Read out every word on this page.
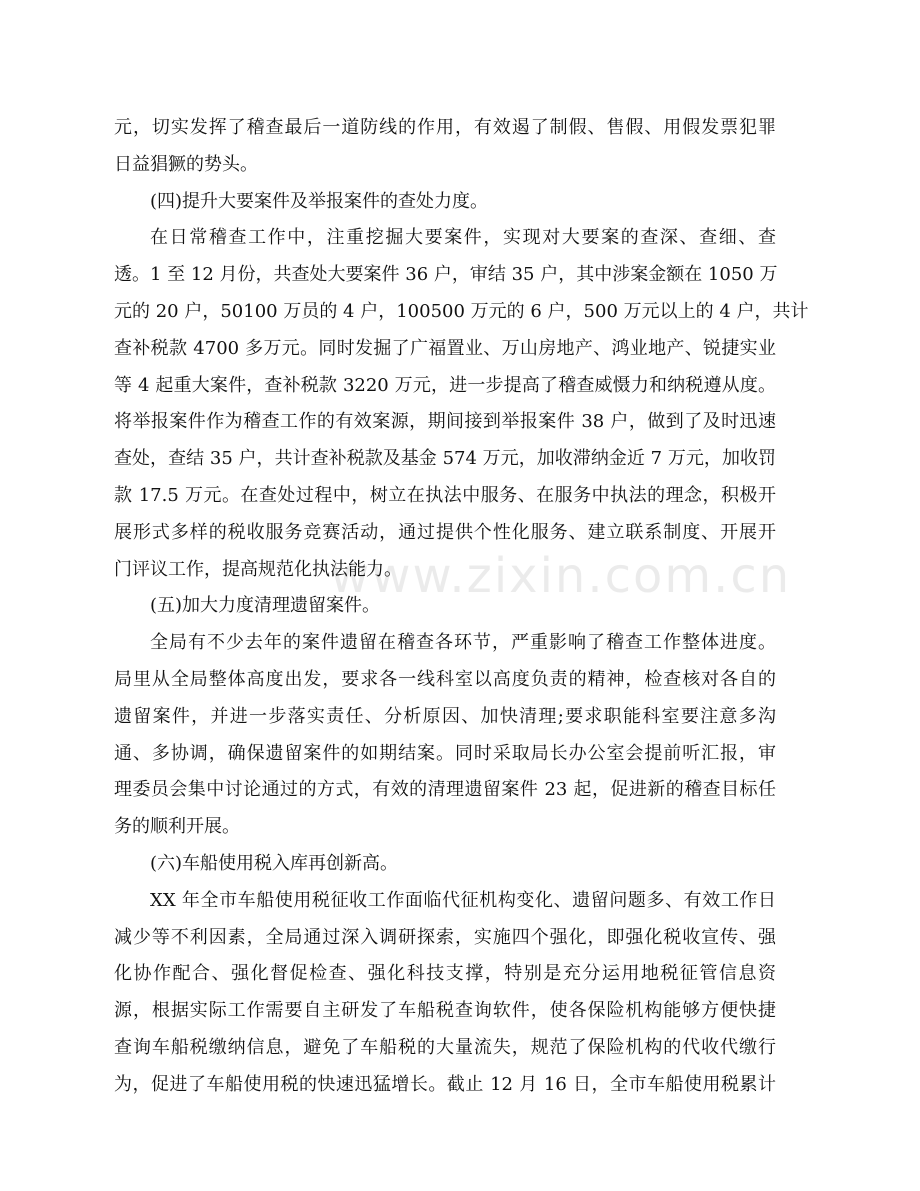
www.zixin.com.cn
元，切实发挥了稽查最后一道防线的作用，有效遏了制假、售假、用假发票犯罪
日益猖獗的势头。
(四)提升大要案件及举报案件的查处力度。
在日常稽查工作中，注重挖掘大要案件，实现对大要案的查深、查细、查
透。1 至 12 月份，共查处大要案件 36 户，审结 35 户，其中涉案金额在 1050 万
元的 20 户，50100 万员的 4 户，100500 万元的 6 户，500 万元以上的 4 户，共计
查补税款 4700 多万元。同时发掘了广福置业、万山房地产、鸿业地产、锐捷实业
等 4 起重大案件，查补税款 3220 万元，进一步提高了稽查威慑力和纳税遵从度。
将举报案件作为稽查工作的有效案源，期间接到举报案件 38 户，做到了及时迅速
查处，查结 35 户，共计查补税款及基金 574 万元，加收滞纳金近 7 万元，加收罚
款 17.5 万元。在查处过程中，树立在执法中服务、在服务中执法的理念，积极开
展形式多样的税收服务竞赛活动，通过提供个性化服务、建立联系制度、开展开
门评议工作，提高规范化执法能力。
(五)加大力度清理遗留案件。
全局有不少去年的案件遗留在稽查各环节，严重影响了稽查工作整体进度。
局里从全局整体高度出发，要求各一线科室以高度负责的精神，检查核对各自的
遗留案件，并进一步落实责任、分析原因、加快清理;要求职能科室要注意多沟
通、多协调，确保遗留案件的如期结案。同时采取局长办公室会提前听汇报，审
理委员会集中讨论通过的方式，有效的清理遗留案件 23 起，促进新的稽查目标任
务的顺利开展。
(六)车船使用税入库再创新高。
XX 年全市车船使用税征收工作面临代征机构变化、遗留问题多、有效工作日
减少等不利因素，全局通过深入调研探索，实施四个强化，即强化税收宣传、强
化协作配合、强化督促检查、强化科技支撑，特别是充分运用地税征管信息资
源，根据实际工作需要自主研发了车船税查询软件，使各保险机构能够方便快捷
查询车船税缴纳信息，避免了车船税的大量流失，规范了保险机构的代收代缴行
为，促进了车船使用税的快速迅猛增长。截止 12 月 16 日，全市车船使用税累计
